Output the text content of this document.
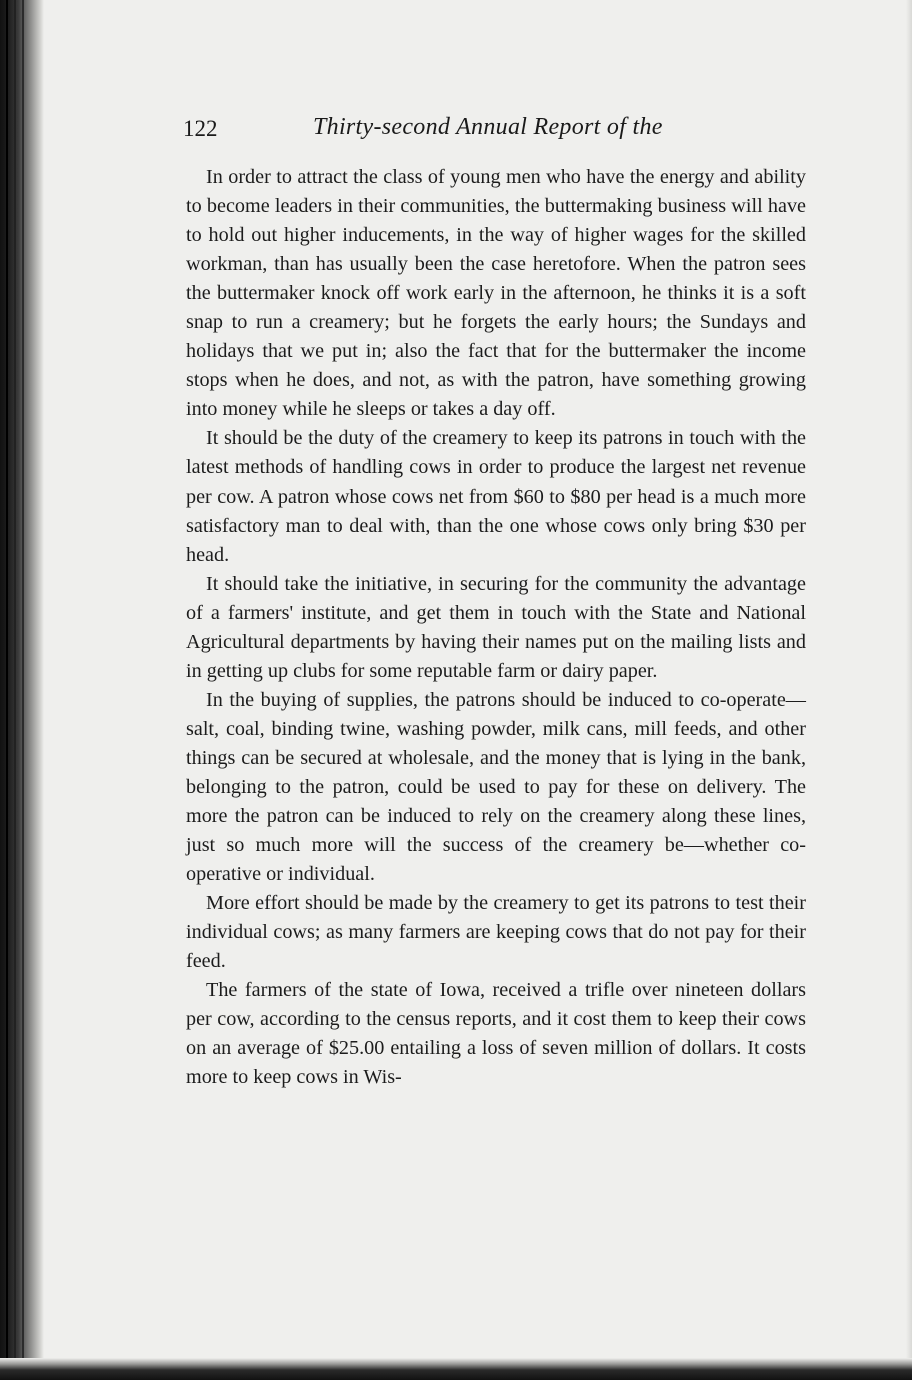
122	Thirty-second Annual Report of the

In order to attract the class of young men who have the energy and ability to become leaders in their communities, the buttermaking business will have to hold out higher inducements, in the way of higher wages for the skilled workman, than has usually been the case heretofore. When the patron sees the buttermaker knock off work early in the afternoon, he thinks it is a soft snap to run a creamery; but he forgets the early hours; the Sundays and holidays that we put in; also the fact that for the buttermaker the income stops when he does, and not, as with the patron, have something growing into money while he sleeps or takes a day off.

It should be the duty of the creamery to keep its patrons in touch with the latest methods of handling cows in order to produce the largest net revenue per cow. A patron whose cows net from $60 to $80 per head is a much more satisfactory man to deal with, than the one whose cows only bring $30 per head.

It should take the initiative, in securing for the community the advantage of a farmers' institute, and get them in touch with the State and National Agricultural departments by having their names put on the mailing lists and in getting up clubs for some reputable farm or dairy paper.

In the buying of supplies, the patrons should be induced to co-operate—salt, coal, binding twine, washing powder, milk cans, mill feeds, and other things can be secured at wholesale, and the money that is lying in the bank, belonging to the patron, could be used to pay for these on delivery. The more the patron can be induced to rely on the creamery along these lines, just so much more will the success of the creamery be—whether co-operative or individual.

More effort should be made by the creamery to get its patrons to test their individual cows; as many farmers are keeping cows that do not pay for their feed.

The farmers of the state of Iowa, received a trifle over nineteen dollars per cow, according to the census reports, and it cost them to keep their cows on an average of $25.00 entailing a loss of seven million of dollars. It costs more to keep cows in Wis-
